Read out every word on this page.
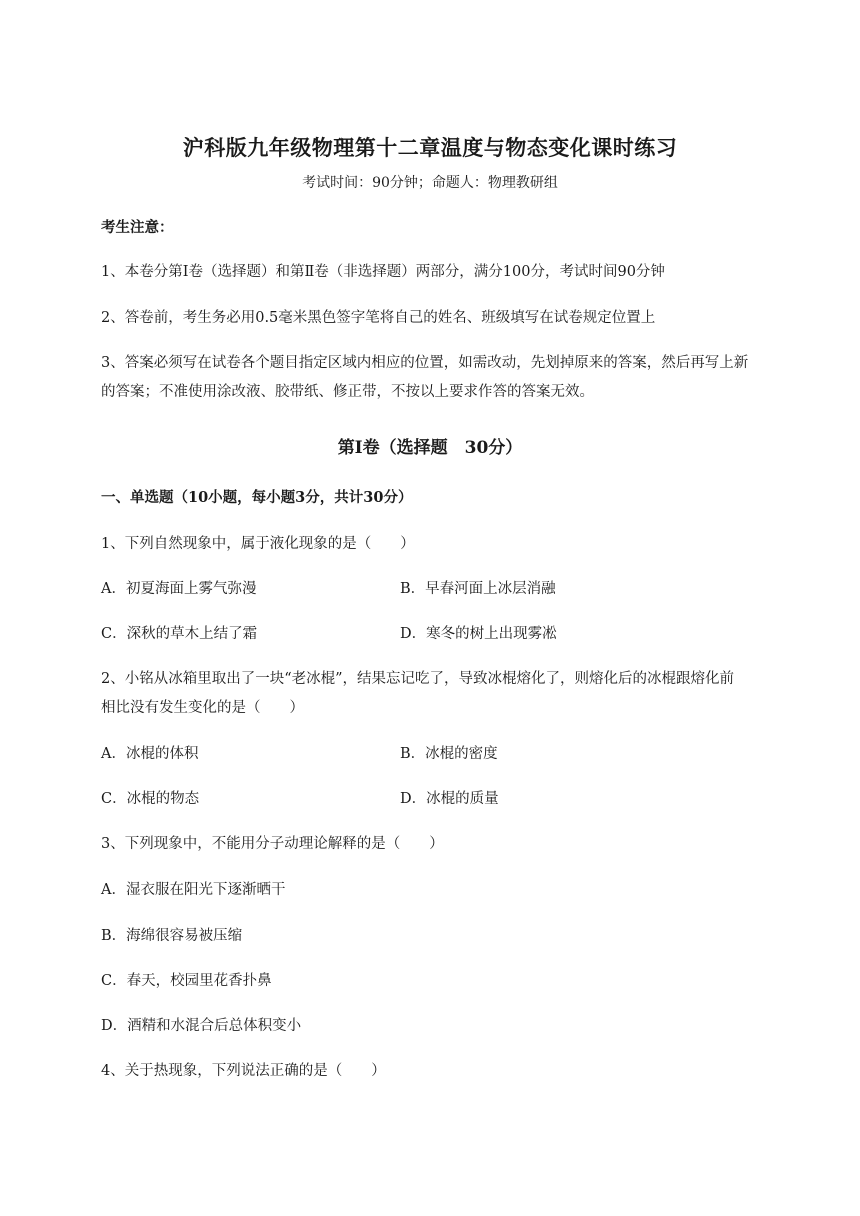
沪科版九年级物理第十二章温度与物态变化课时练习
考试时间：90分钟；命题人：物理教研组
考生注意：
1、本卷分第Ⅰ卷（选择题）和第Ⅱ卷（非选择题）两部分，满分100分，考试时间90分钟
2、答卷前，考生务必用0.5毫米黑色签字笔将自己的姓名、班级填写在试卷规定位置上
3、答案必须写在试卷各个题目指定区域内相应的位置，如需改动，先划掉原来的答案，然后再写上新
的答案；不准使用涂改液、胶带纸、修正带，不按以上要求作答的答案无效。
第Ⅰ卷（选择题　30分）
一、单选题（10小题，每小题3分，共计30分）
1、下列自然现象中，属于液化现象的是（　　）
A．初夏海面上雾气弥漫	B．早春河面上冰层消融
C．深秋的草木上结了霜	D．寒冬的树上出现雾凇
2、小铭从冰箱里取出了一块“老冰棍”，结果忘记吃了，导致冰棍熔化了，则熔化后的冰棍跟熔化前
相比没有发生变化的是（　　）
A．冰棍的体积	B．冰棍的密度
C．冰棍的物态	D．冰棍的质量
3、下列现象中，不能用分子动理论解释的是（　　）
A．湿衣服在阳光下逐渐晒干
B．海绵很容易被压缩
C．春天，校园里花香扑鼻
D．酒精和水混合后总体积变小
4、关于热现象，下列说法正确的是（　　）
